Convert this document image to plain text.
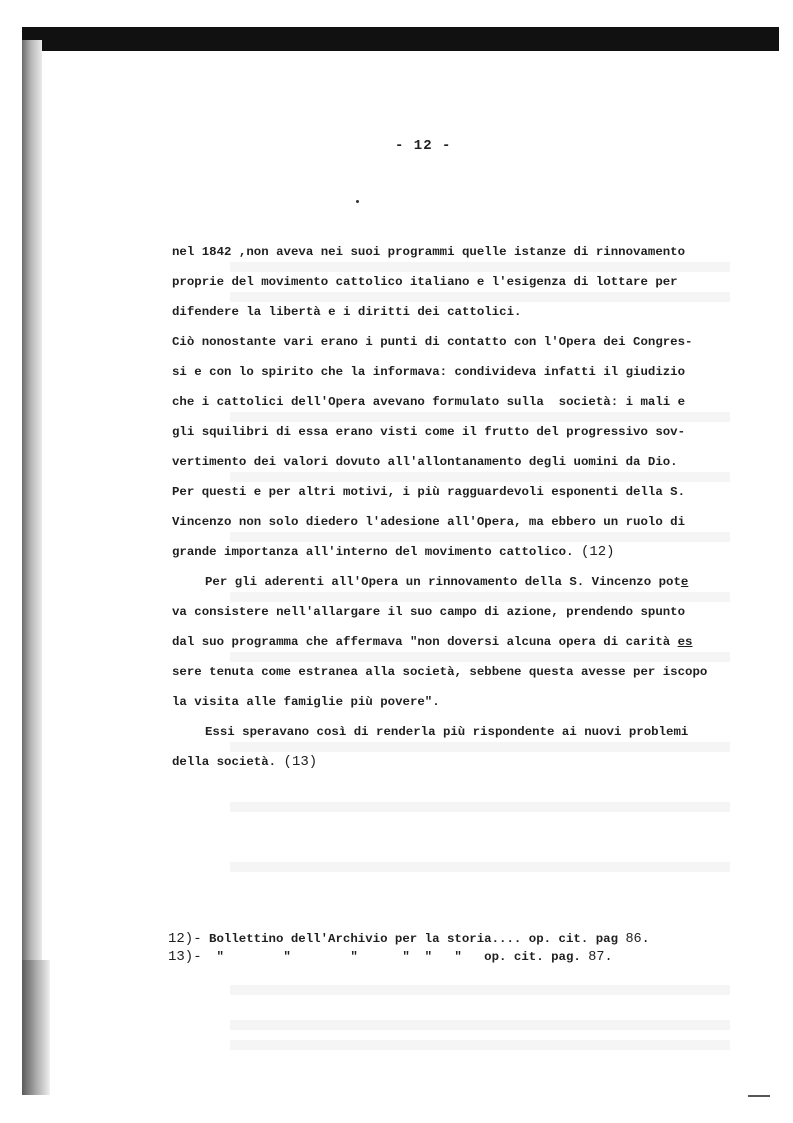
- 12 -
nel 1842 ,non aveva nei suoi programmi quelle istanze di rinnovamento
proprie del movimento cattolico italiano e l'esigenza di lottare per
difendere la libertà e i diritti dei cattolici.
Ciò nonostante vari erano i punti di contatto con l'Opera dei Congres-
si e con lo spirito che la informava: condivideva infatti il giudizio
che i cattolici dell'Opera avevano formulato sulla  società: i mali e
gli squilibri di essa erano visti come il frutto del progressivo sov-
vertimento dei valori dovuto all'allontanamento degli uomini da Dio.
Per questi e per altri motivi, i più ragguardevoli esponenti della S.
Vincenzo non solo diedero l'adesione all'Opera, ma ebbero un ruolo di
grande importanza all'interno del movimento cattolico. (12)
Per gli aderenti all'Opera un rinnovamento della S. Vincenzo pote
va consistere nell'allargare il suo campo di azione, prendendo spunto
dal suo programma che affermava "non doversi alcuna opera di carità es
sere tenuta come estranea alla società, sebbene questa avesse per iscopo
la visita alle famiglie più povere".
Essi speravano così di renderla più rispondente ai nuovi problemi
della società. (13)
12)- Bollettino dell'Archivio per la storia.... op. cit. pag 86.
13)-  "        "        "      "  "   "   op. cit. pag. 87.
